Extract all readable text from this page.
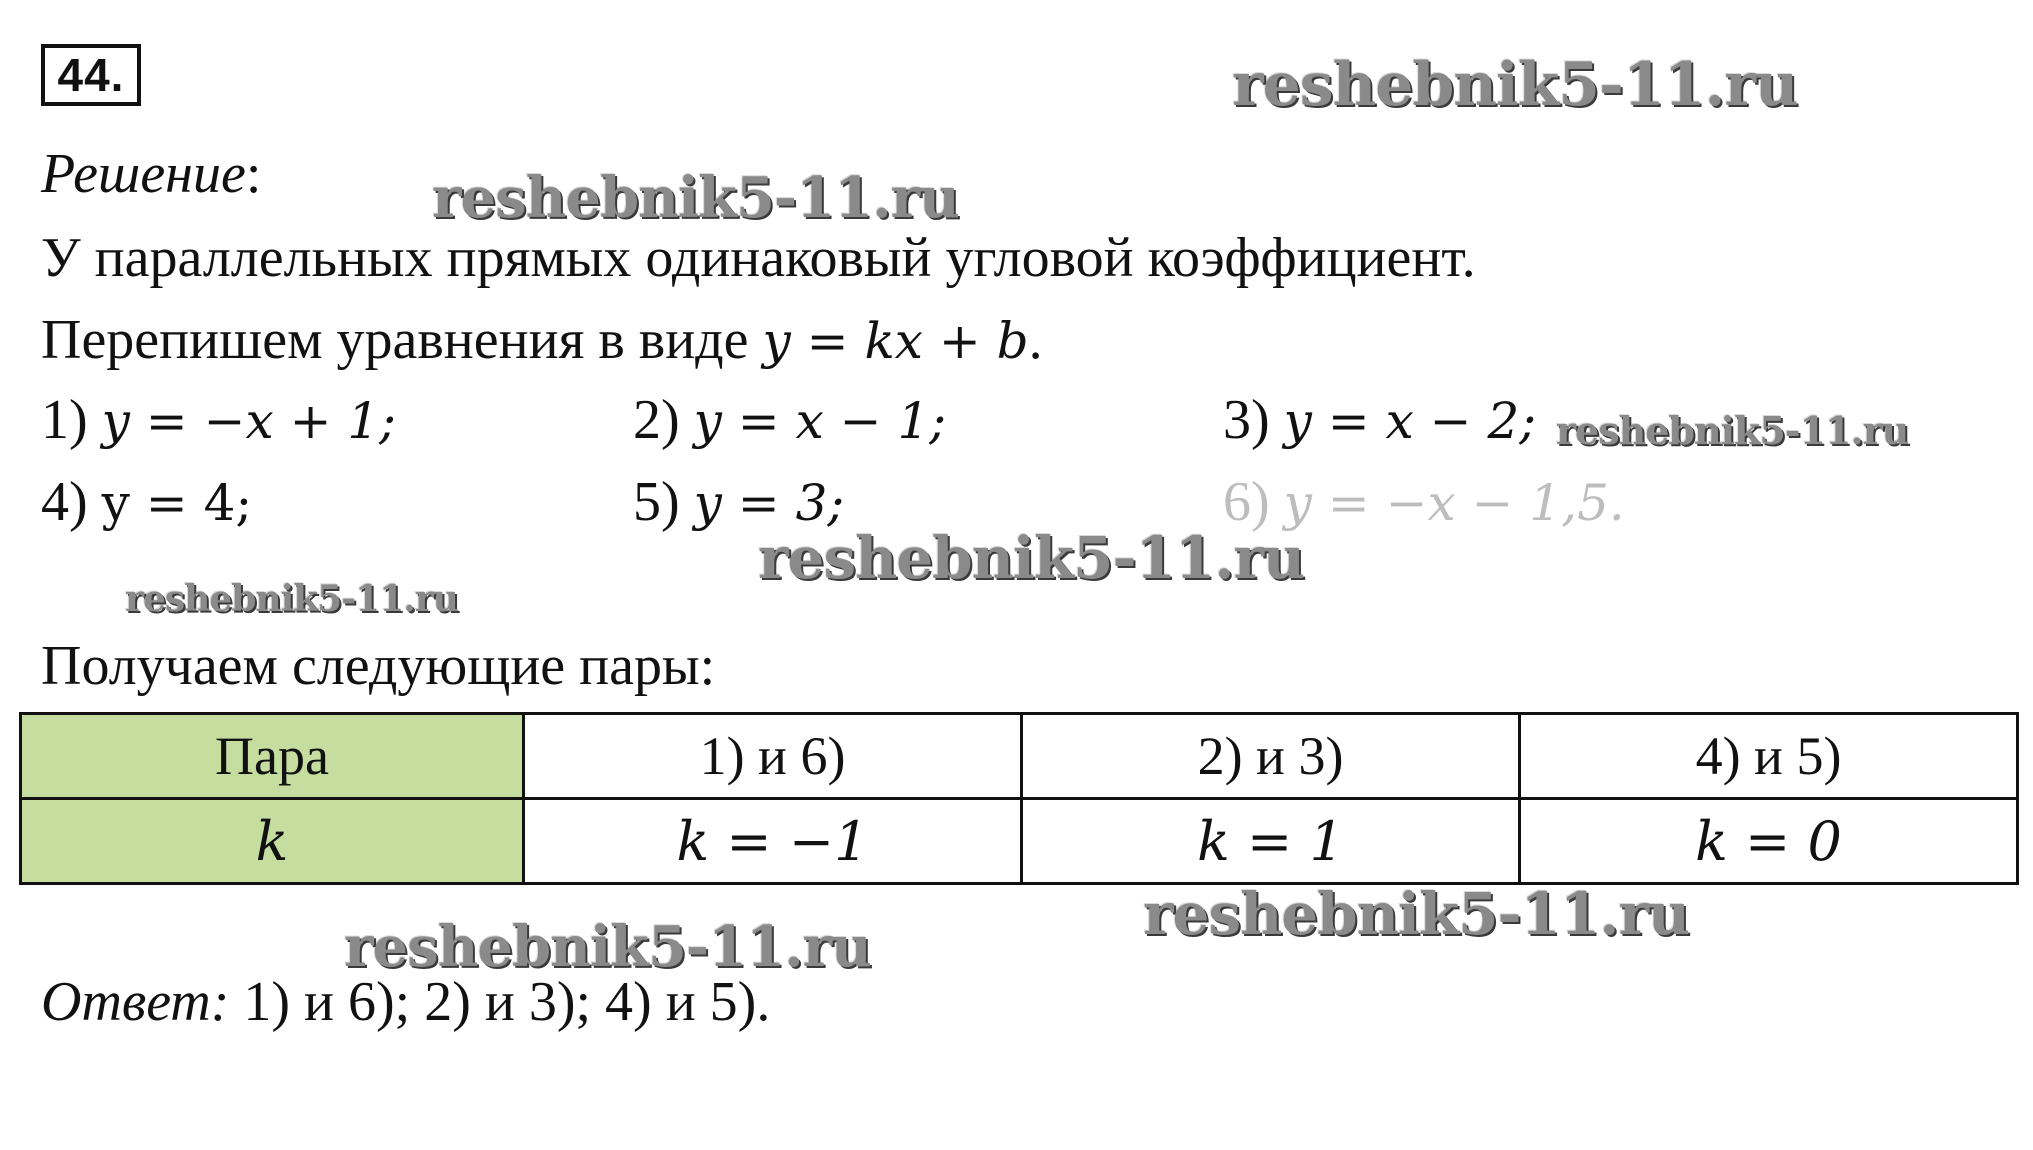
44.	reshebnik5-11.ru
reshebnik5-11.ru
reshebnik5-11.ru
reshebnik5-11.ru
reshebnik5-11.ru
reshebnik5-11.ru
reshebnik5-11.ru
Решение:
У параллельных прямых одинаковый угловой коэффициент.
Перепишем уравнения в виде y = kx + b.
1) y = −x + 1;	2) y = x − 1;	3) y = x − 2;
4) y = 4;	5) y = 3;	6) y = −x − 1,5.
Получаем следующие пары:
Пара	1) и 6)	2) и 3)	4) и 5)
k	k = −1	k = 1	k = 0
Ответ: 1) и 6); 2) и 3); 4) и 5).
